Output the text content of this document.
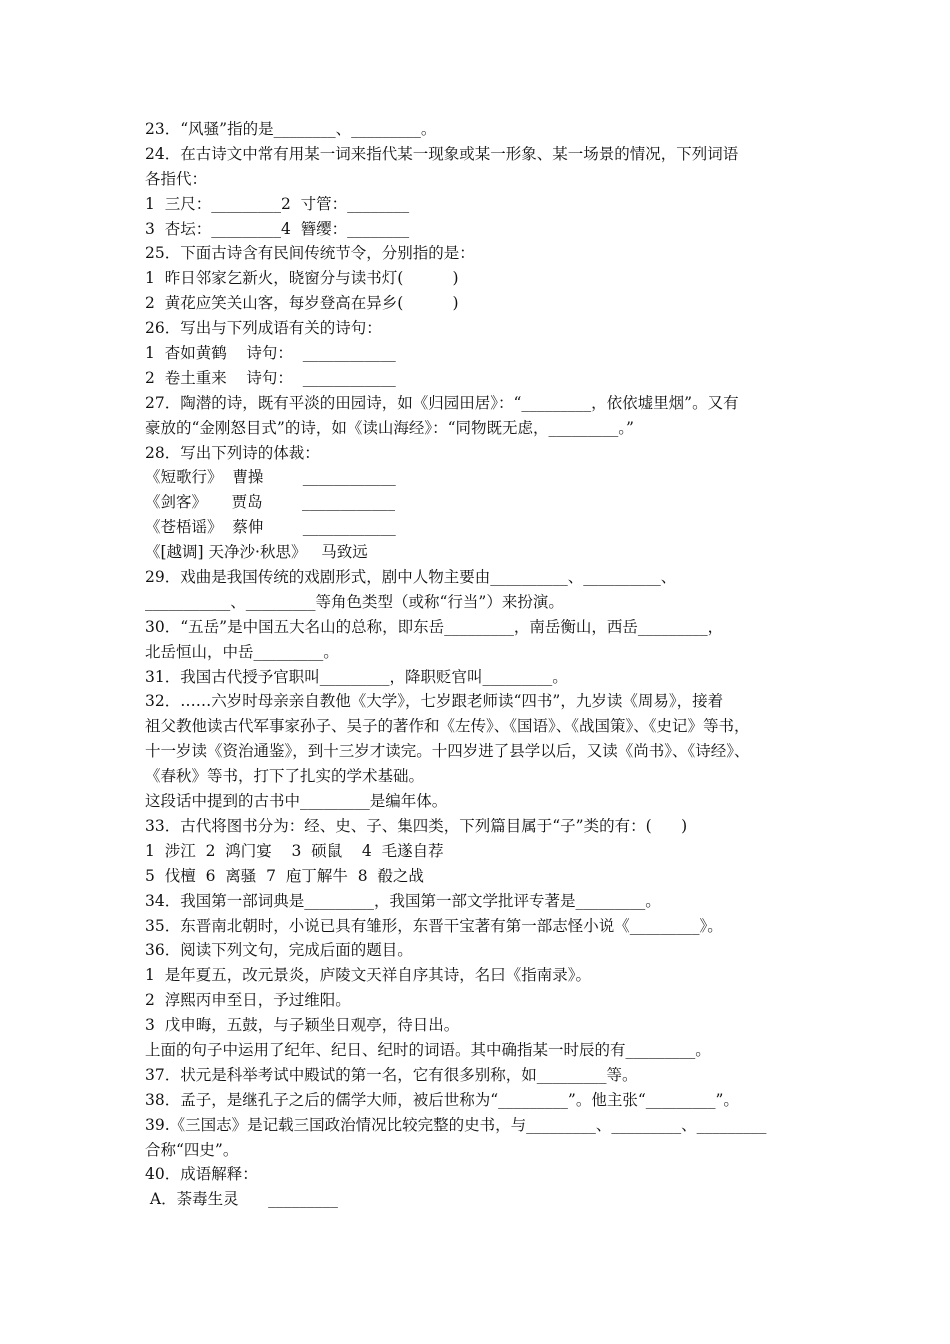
23．“风骚”指的是________、_________。
24．在古诗文中常有用某一词来指代某一现象或某一形象、某一场景的情况，下列词语
各指代：
1  三尺：_________2  寸管：________
3  杏坛：_________4  簪缨：________
25．下面古诗含有民间传统节令，分别指的是：
1  昨日邻家乞新火，晓窗分与读书灯(          )
2  黄花应笑关山客，每岁登高在异乡(          )
26．写出与下列成语有关的诗句：
1  杳如黄鹤    诗句：  ____________
2  卷土重来    诗句：  ____________
27．陶潜的诗，既有平淡的田园诗，如《归园田居》：“_________，依依墟里烟”。又有
豪放的“金刚怒目式”的诗，如《读山海经》：“同物既无虑，_________。”
28．写出下列诗的体裁：
《短歌行》  曹操        ____________
《剑客》     贾岛        ____________
《苍梧谣》  蔡伸        ____________
《[越调] 天净沙·秋思》   马致远
29．戏曲是我国传统的戏剧形式，剧中人物主要由__________、__________、
___________、_________等角色类型（或称“行当”）来扮演。
30．“五岳”是中国五大名山的总称，即东岳_________，南岳衡山，西岳_________，
北岳恒山，中岳_________。
31．我国古代授予官职叫_________，降职贬官叫_________。
32．……六岁时母亲亲自教他《大学》，七岁跟老师读“四书”，九岁读《周易》，接着
祖父教他读古代军事家孙子、吴子的著作和《左传》、《国语》、《战国策》、《史记》等书，
十一岁读《资治通鉴》，到十三岁才读完。十四岁进了县学以后，又读《尚书》、《诗经》、
《春秋》等书，打下了扎实的学术基础。
这段话中提到的古书中_________是编年体。
33．古代将图书分为：经、史、子、集四类，下列篇目属于“子”类的有：(      )
1  涉江  2  鸿门宴    3  硕鼠    4  毛遂自荐
5  伐檀  6  离骚  7  庖丁解牛  8  殽之战
34．我国第一部词典是_________，我国第一部文学批评专著是_________。
35．东晋南北朝时，小说已具有雏形，东晋干宝著有第一部志怪小说《_________》。
36．阅读下列文句，完成后面的题目。
1  是年夏五，改元景炎，庐陵文天祥自序其诗，名曰《指南录》。
2  淳熙丙申至日，予过维阳。
3  戊申晦，五鼓，与子颖坐日观亭，待日出。
上面的句子中运用了纪年、纪日、纪时的词语。其中确指某一时辰的有_________。
37．状元是科举考试中殿试的第一名，它有很多别称，如_________等。
38．孟子，是继孔子之后的儒学大师，被后世称为“_________”。他主张“_________”。
39.《三国志》是记载三国政治情况比较完整的史书，与_________、_________、_________
合称“四史”。
40．成语解释：
A．荼毒生灵      _________
